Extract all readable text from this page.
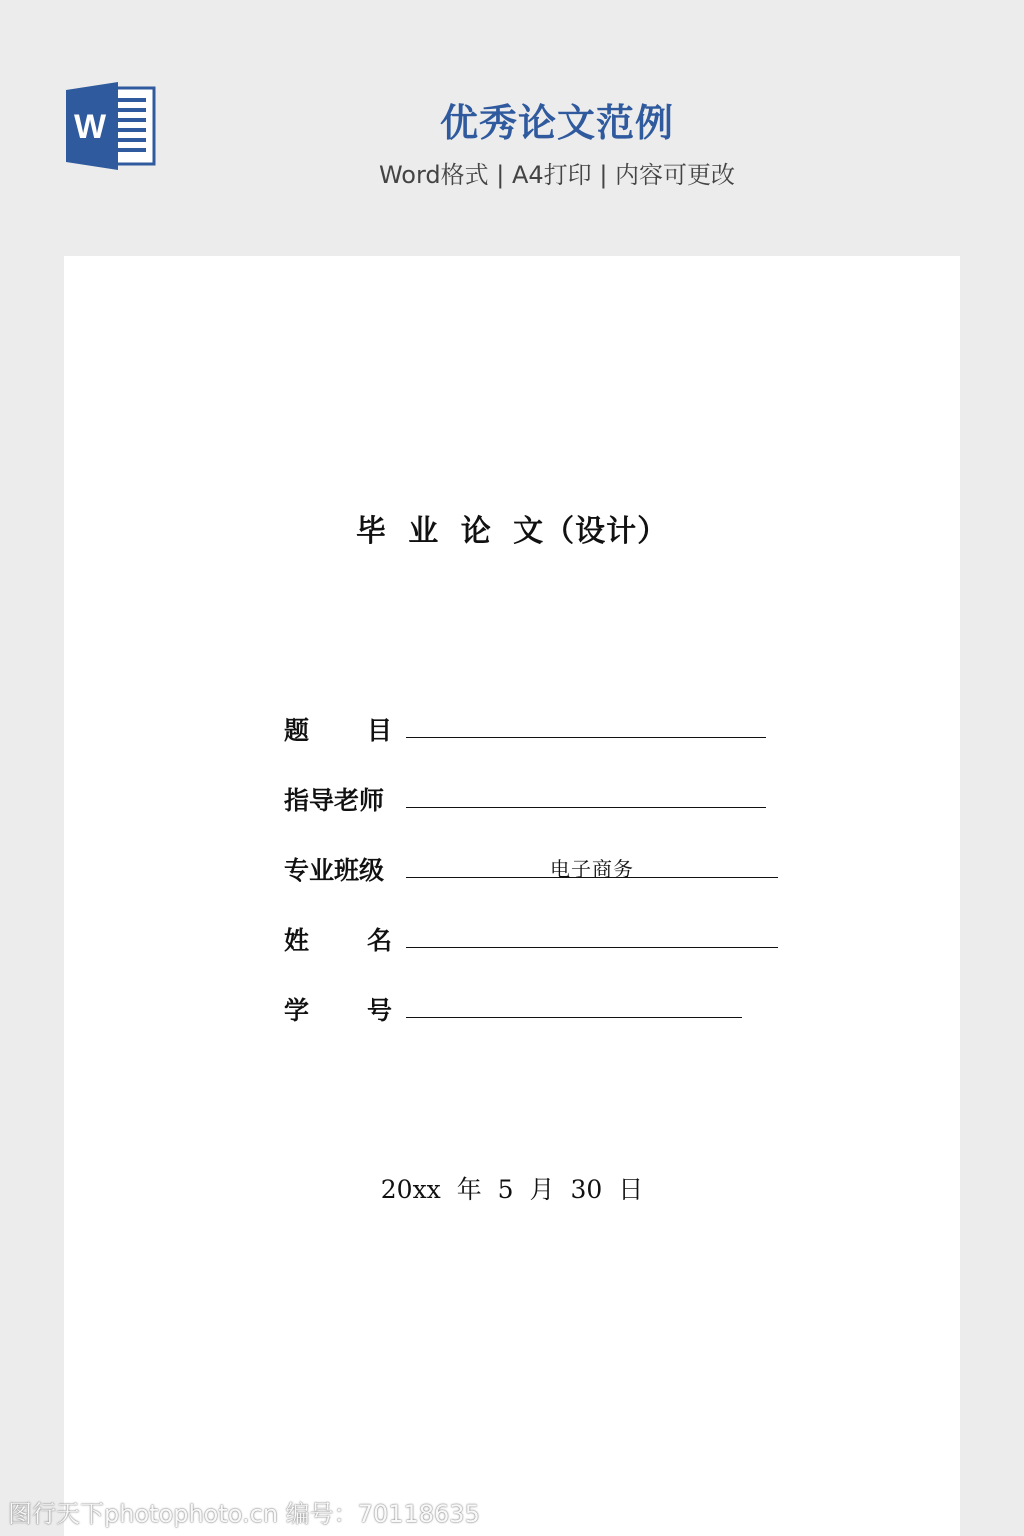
W	优秀论文范例
Word格式 | A4打印 | 内容可更改
毕 业 论 文（设计）
题 目
指导老师
专业班级	电子商务
姓 名
学 号
20xx 年 5 月 30 日
图行天下photophoto.cn 编号：70118635
